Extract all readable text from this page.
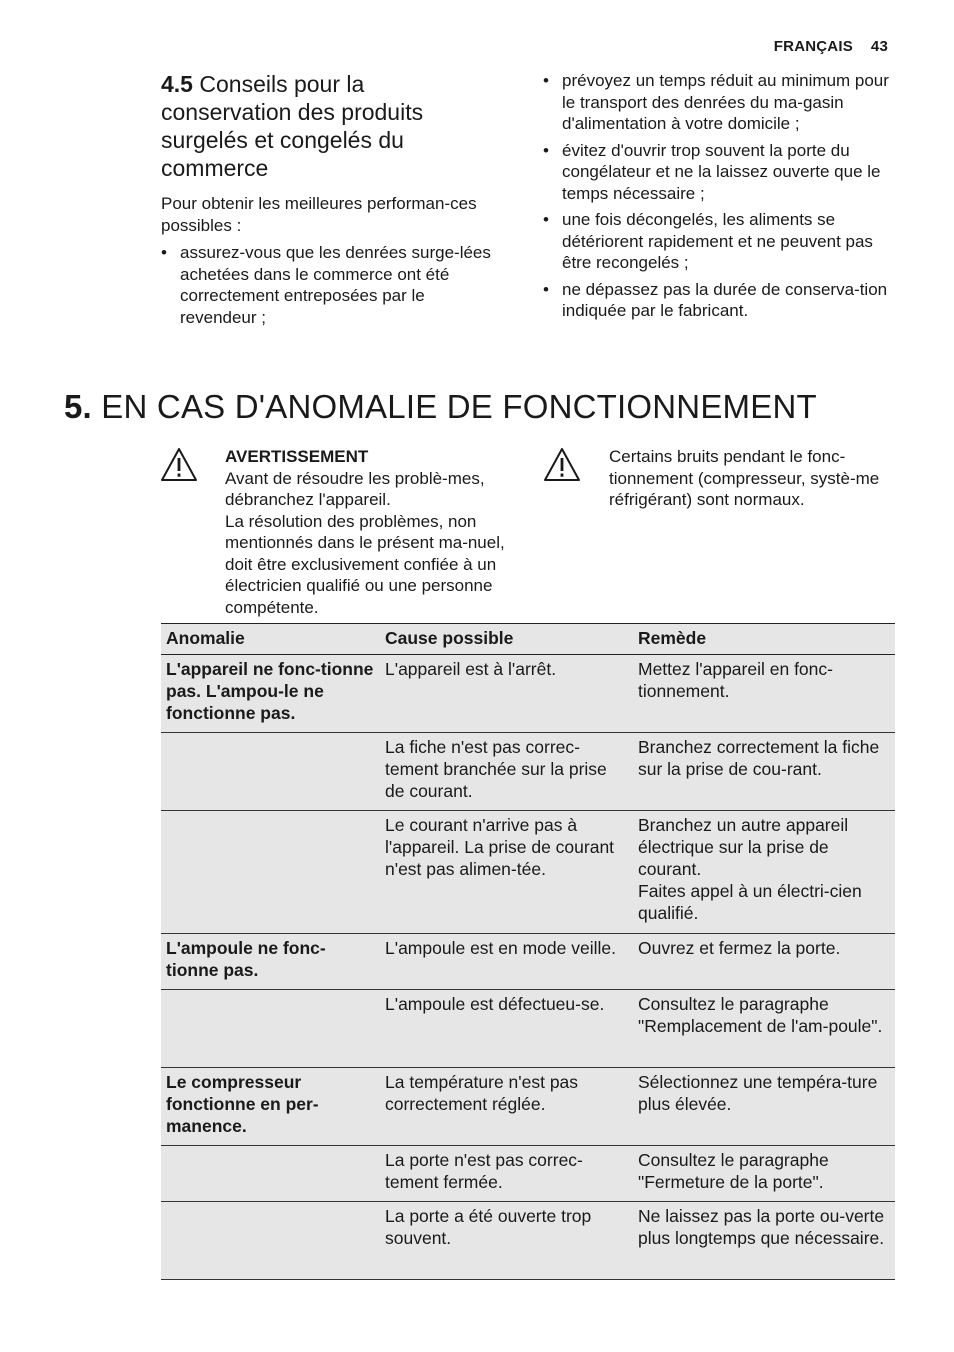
FRANÇAIS 43
4.5 Conseils pour la conservation des produits surgelés et congelés du commerce

Pour obtenir les meilleures performan-ces possibles :

• assurez-vous que les denrées surge-lées achetées dans le commerce ont été correctement entreposées par le revendeur ;
• prévoyez un temps réduit au minimum pour le transport des denrées du ma-gasin d'alimentation à votre domicile ;
• évitez d'ouvrir trop souvent la porte du congélateur et ne la laissez ouverte que le temps nécessaire ;
• une fois décongelés, les aliments se détériorent rapidement et ne peuvent pas être recongelés ;
• ne dépassez pas la durée de conserva-tion indiquée par le fabricant.
5. EN CAS D'ANOMALIE DE FONCTIONNEMENT
AVERTISSEMENT
Avant de résoudre les problè-mes, débranchez l'appareil.
La résolution des problèmes, non mentionnés dans le présent ma-nuel, doit être exclusivement confiée à un électricien qualifié ou une personne compétente.
Certains bruits pendant le fonc-tionnement (compresseur, systè-me réfrigérant) sont normaux.
Anomalie	Cause possible	Remède
L'appareil ne fonc-tionne pas. L'ampou-le ne fonctionne pas.	L'appareil est à l'arrêt.	Mettez l'appareil en fonc-tionnement.
	La fiche n'est pas correc-tement branchée sur la prise de courant.	Branchez correctement la fiche sur la prise de cou-rant.
	Le courant n'arrive pas à l'appareil. La prise de courant n'est pas alimen-tée.	Branchez un autre appareil électrique sur la prise de courant.
Faites appel à un électri-cien qualifié.
L'ampoule ne fonc-tionne pas.	L'ampoule est en mode veille.	Ouvrez et fermez la porte.
	L'ampoule est défectueu-se.	Consultez le paragraphe "Remplacement de l'am-poule".
Le compresseur fonctionne en per-manence.	La température n'est pas correctement réglée.	Sélectionnez une tempéra-ture plus élevée.
	La porte n'est pas correc-tement fermée.	Consultez le paragraphe "Fermeture de la porte".
	La porte a été ouverte trop souvent.	Ne laissez pas la porte ou-verte plus longtemps que nécessaire.
